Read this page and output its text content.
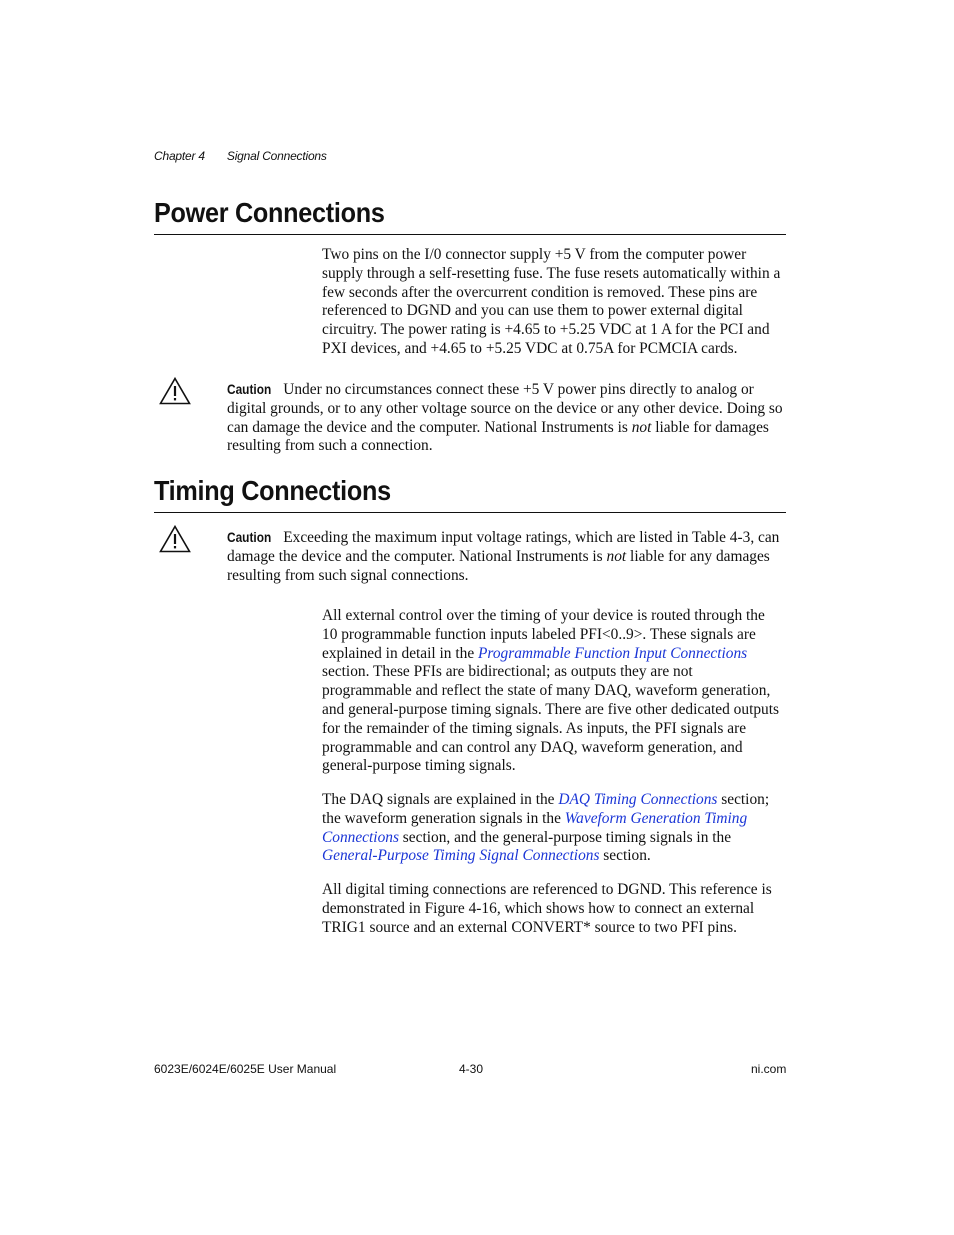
Chapter 4 Signal Connections
Power Connections

Two pins on the I/0 connector supply +5 V from the computer power supply through a self-resetting fuse. The fuse resets automatically within a few seconds after the overcurrent condition is removed. These pins are referenced to DGND and you can use them to power external digital circuitry. The power rating is +4.65 to +5.25 VDC at 1 A for the PCI and PXI devices, and +4.65 to +5.25 VDC at 0.75A for PCMCIA cards.

Caution Under no circumstances connect these +5 V power pins directly to analog or digital grounds, or to any other voltage source on the device or any other device. Doing so can damage the device and the computer. National Instruments is not liable for damages resulting from such a connection.

Timing Connections

Caution Exceeding the maximum input voltage ratings, which are listed in Table 4-3, can damage the device and the computer. National Instruments is not liable for any damages resulting from such signal connections.

All external control over the timing of your device is routed through the 10 programmable function inputs labeled PFI<0..9>. These signals are explained in detail in the Programmable Function Input Connections section. These PFIs are bidirectional; as outputs they are not programmable and reflect the state of many DAQ, waveform generation, and general-purpose timing signals. There are five other dedicated outputs for the remainder of the timing signals. As inputs, the PFI signals are programmable and can control any DAQ, waveform generation, and general-purpose timing signals.

The DAQ signals are explained in the DAQ Timing Connections section; the waveform generation signals in the Waveform Generation Timing Connections section, and the general-purpose timing signals in the General-Purpose Timing Signal Connections section.

All digital timing connections are referenced to DGND. This reference is demonstrated in Figure 4-16, which shows how to connect an external TRIG1 source and an external CONVERT* source to two PFI pins.

6023E/6024E/6025E User Manual	4-30	ni.com
